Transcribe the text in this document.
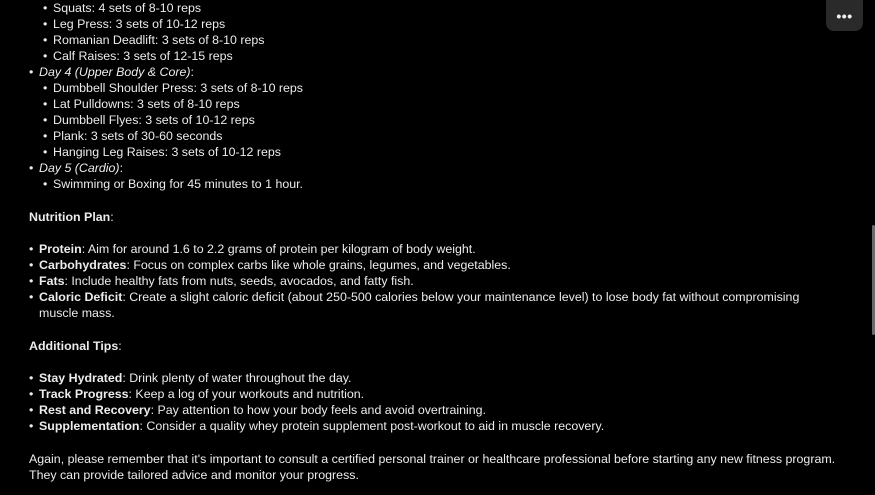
• Squats: 4 sets of 8-10 reps
• Leg Press: 3 sets of 10-12 reps
• Romanian Deadlift: 3 sets of 8-10 reps
• Calf Raises: 3 sets of 12-15 reps
• Day 4 (Upper Body & Core):
• Dumbbell Shoulder Press: 3 sets of 8-10 reps
• Lat Pulldowns: 3 sets of 8-10 reps
• Dumbbell Flyes: 3 sets of 10-12 reps
• Plank: 3 sets of 30-60 seconds
• Hanging Leg Raises: 3 sets of 10-12 reps
• Day 5 (Cardio):
• Swimming or Boxing for 45 minutes to 1 hour.
Nutrition Plan:
• Protein: Aim for around 1.6 to 2.2 grams of protein per kilogram of body weight.
• Carbohydrates: Focus on complex carbs like whole grains, legumes, and vegetables.
• Fats: Include healthy fats from nuts, seeds, avocados, and fatty fish.
• Caloric Deficit: Create a slight caloric deficit (about 250-500 calories below your maintenance level) to lose body fat without compromising
muscle mass.
Additional Tips:
• Stay Hydrated: Drink plenty of water throughout the day.
• Track Progress: Keep a log of your workouts and nutrition.
• Rest and Recovery: Pay attention to how your body feels and avoid overtraining.
• Supplementation: Consider a quality whey protein supplement post-workout to aid in muscle recovery.
Again, please remember that it's important to consult a certified personal trainer or healthcare professional before starting any new fitness program.
They can provide tailored advice and monitor your progress.
•••
